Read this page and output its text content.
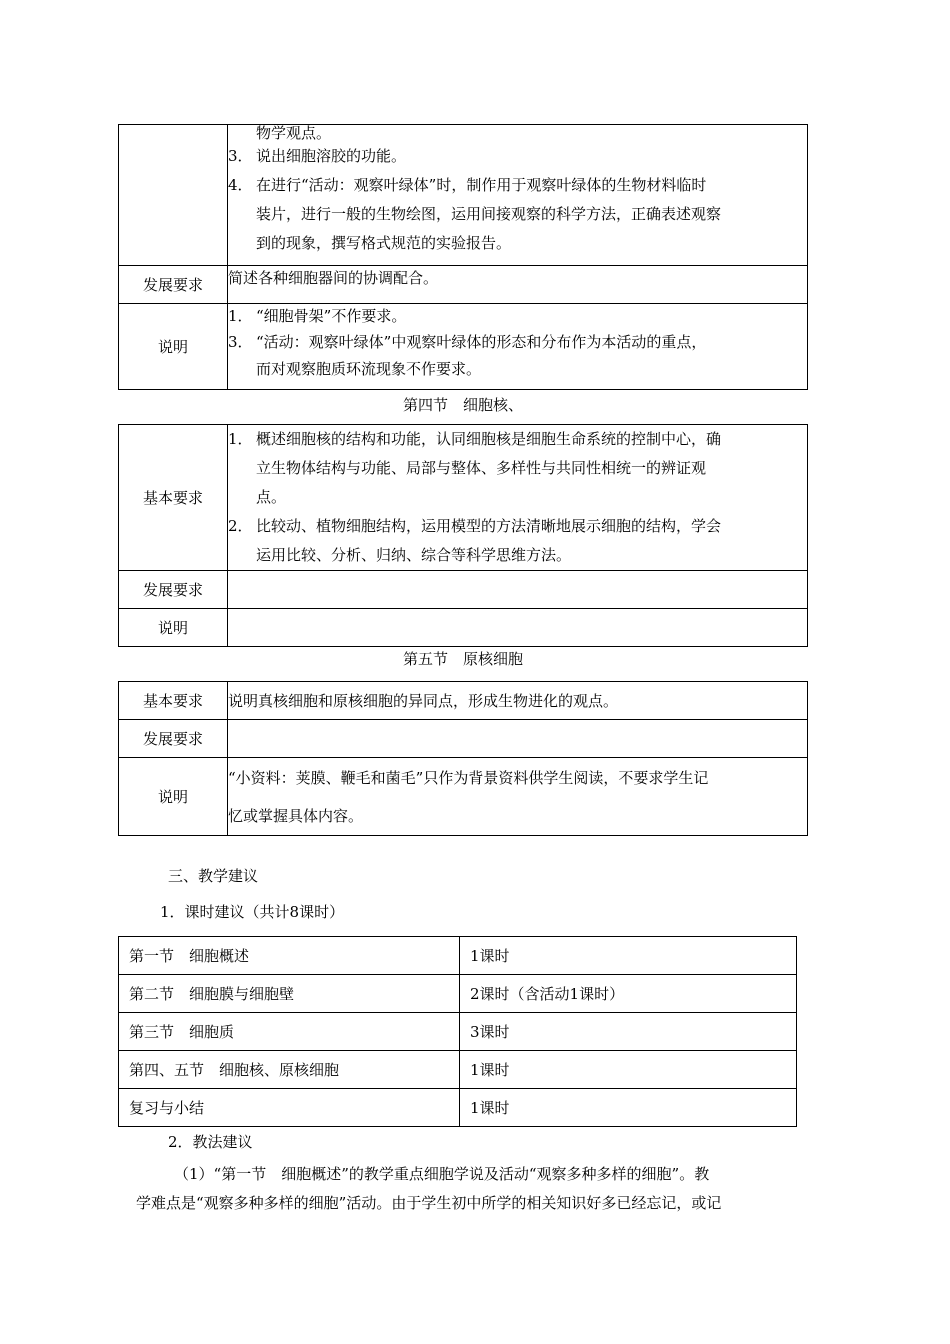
	物学观点。
3． 说出细胞溶胶的功能。
4． 在进行“活动：观察叶绿体”时，制作用于观察叶绿体的生物材料临时
装片，进行一般的生物绘图，运用间接观察的科学方法，正确表述观察
到的现象，撰写格式规范的实验报告。

发展要求	简述各种细胞器间的协调配合。

说明	1． “细胞骨架”不作要求。
3． “活动：观察叶绿体”中观察叶绿体的形态和分布作为本活动的重点，
而对观察胞质环流现象不作要求。
第四节　细胞核、
基本要求	1． 概述细胞核的结构和功能，认同细胞核是细胞生命系统的控制中心，确
立生物体结构与功能、局部与整体、多样性与共同性相统一的辨证观
点。
2． 比较动、植物细胞结构，运用模型的方法清晰地展示细胞的结构，学会
运用比较、分析、归纳、综合等科学思维方法。

发展要求	
说明	
第五节　原核细胞
基本要求	说明真核细胞和原核细胞的异同点，形成生物进化的观点。
发展要求	
说明	“小资料：荚膜、鞭毛和菌毛”只作为背景资料供学生阅读，不要求学生记
忆或掌握具体内容。
三、教学建议
1．课时建议（共计8课时）
第一节　细胞概述	1课时
第二节　细胞膜与细胞壁	2课时（含活动1课时）
第三节　细胞质	3课时
第四、五节　细胞核、原核细胞	1课时
复习与小结	1课时
2．教法建议
（1）“第一节　细胞概述”的教学重点细胞学说及活动“观察多种多样的细胞”。教
学难点是“观察多种多样的细胞”活动。由于学生初中所学的相关知识好多已经忘记，或记
